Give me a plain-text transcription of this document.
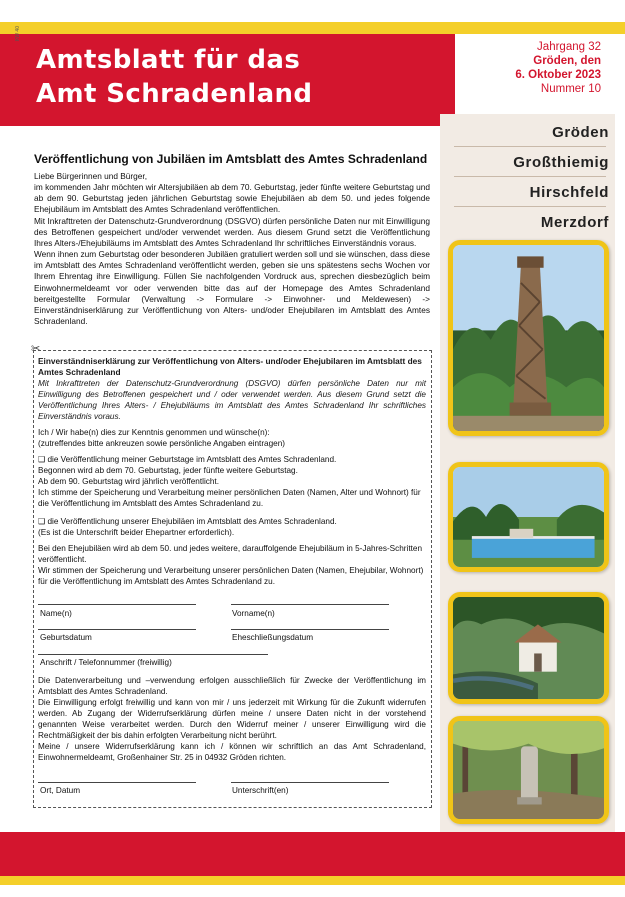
KW 40
Amtsblatt für das
Amt Schradenland
Jahrgang 32
Gröden, den
6. Oktober 2023
Nummer 10
Gröden
Großthiemig
Hirschfeld
Merzdorf
Veröffentlichung von Jubiläen im Amtsblatt des Amtes Schradenland

Liebe Bürgerinnen und Bürger,

im kommenden Jahr möchten wir Altersjubiläen ab dem 70. Geburtstag, jeder fünfte weitere Geburtstag und ab dem 90. Geburtstag jeden jährlichen Geburtstag sowie Ehejubiläen ab dem 50. und jedes folgende Ehejubiläum im Amtsblatt des Amtes Schradenland veröffentlichen.

Mit Inkrafttreten der Datenschutz-Grundverordnung (DSGVO) dürfen persönliche Daten nur mit Einwilligung des Betroffenen gespeichert und/oder verwendet werden. Aus diesem Grund setzt die Veröffentlichung Ihres Alters-/Ehejubiläums im Amtsblatt des Amtes Schradenland Ihr schriftliches Einverständnis voraus.

Wenn ihnen zum Geburtstag oder besonderen Jubiläen gratuliert werden soll und sie wünschen, dass diese im Amtsblatt des Amtes Schradenland veröffentlicht werden, geben sie uns spätestens sechs Wochen vor Ihrem Ehrentag ihre Einwilligung. Füllen Sie nachfolgenden Vordruck aus, sprechen diesbezüglich beim Einwohnermeldeamt vor oder verwenden bitte das auf der Homepage des Amtes Schradenland bereitgestellte Formular (Verwaltung -> Formulare -> Einwohner- und Meldewesen) -> Einverständniserklärung zur Veröffentlichung von Alters- und/oder Ehejubilaren im Amtsblatt des Amtes Schradenland.

✂
Einverständniserklärung zur Veröffentlichung von Alters- und/oder Ehejubilaren im Amtsblatt des Amtes Schradenland
Mit Inkrafttreten der Datenschutz-Grundverordnung (DSGVO) dürfen persönliche Daten nur mit Einwilligung des Betroffenen gespeichert und / oder verwendet werden. Aus diesem Grund setzt die Veröffentlichung Ihres Alters- / Ehejubiläums im Amtsblatt des Amtes Schradenland Ihr schriftliches Einverständnis voraus.

Ich / Wir habe(n) dies zur Kenntnis genommen und wünsche(n):

(zutreffendes bitte ankreuzen sowie persönliche Angaben eintragen)

❑ die Veröffentlichung meiner Geburtstage im Amtsblatt des Amtes Schradenland.

Begonnen wird ab dem 70. Geburtstag, jeder fünfte weitere Geburtstag.

Ab dem 90. Geburtstag wird jährlich veröffentlicht.

Ich stimme der Speicherung und Verarbeitung meiner persönlichen Daten (Namen, Alter und Wohnort) für die Veröffentlichung im Amtsblatt des Amtes Schradenland zu.

❑ die Veröffentlichung unserer Ehejubiläen im Amtsblatt des Amtes Schradenland.

(Es ist die Unterschrift beider Ehepartner erforderlich).

Bei den Ehejubiläen wird ab dem 50. und jedes weitere, darauffolgende Ehejubiläum in 5-Jahres-Schritten veröffentlicht.

Wir stimmen der Speicherung und Verarbeitung unserer persönlichen Daten (Namen, Ehejubilar, Wohnort) für die Veröffentlichung im Amtsblatt des Amtes Schradenland zu.

Name(n)	Vorname(n)
Geburtsdatum	Eheschließungsdatum
Anschrift / Telefonnummer (freiwillig)

Die Datenverarbeitung und –verwendung erfolgen ausschließlich für Zwecke der Veröffentlichung im Amtsblatt des Amtes Schradenland.

Die Einwilligung erfolgt freiwillig und kann von mir / uns jederzeit mit Wirkung für die Zukunft widerrufen werden. Ab Zugang der Widerrufserklärung dürfen meine / unsere Daten nicht in der vorstehend genannten Weise verarbeitet werden. Durch den Widerruf meiner / unserer Einwilligung wird die Rechtmäßigkeit der bis dahin erfolgten Verarbeitung nicht berührt.

Meine / unsere Widerrufserklärung kann ich / können wir schriftlich an das Amt Schradenland, Einwohnermeldeamt, Großenhainer Str. 25 in 04932 Gröden richten.

Ort, Datum	Unterschrift(en)
